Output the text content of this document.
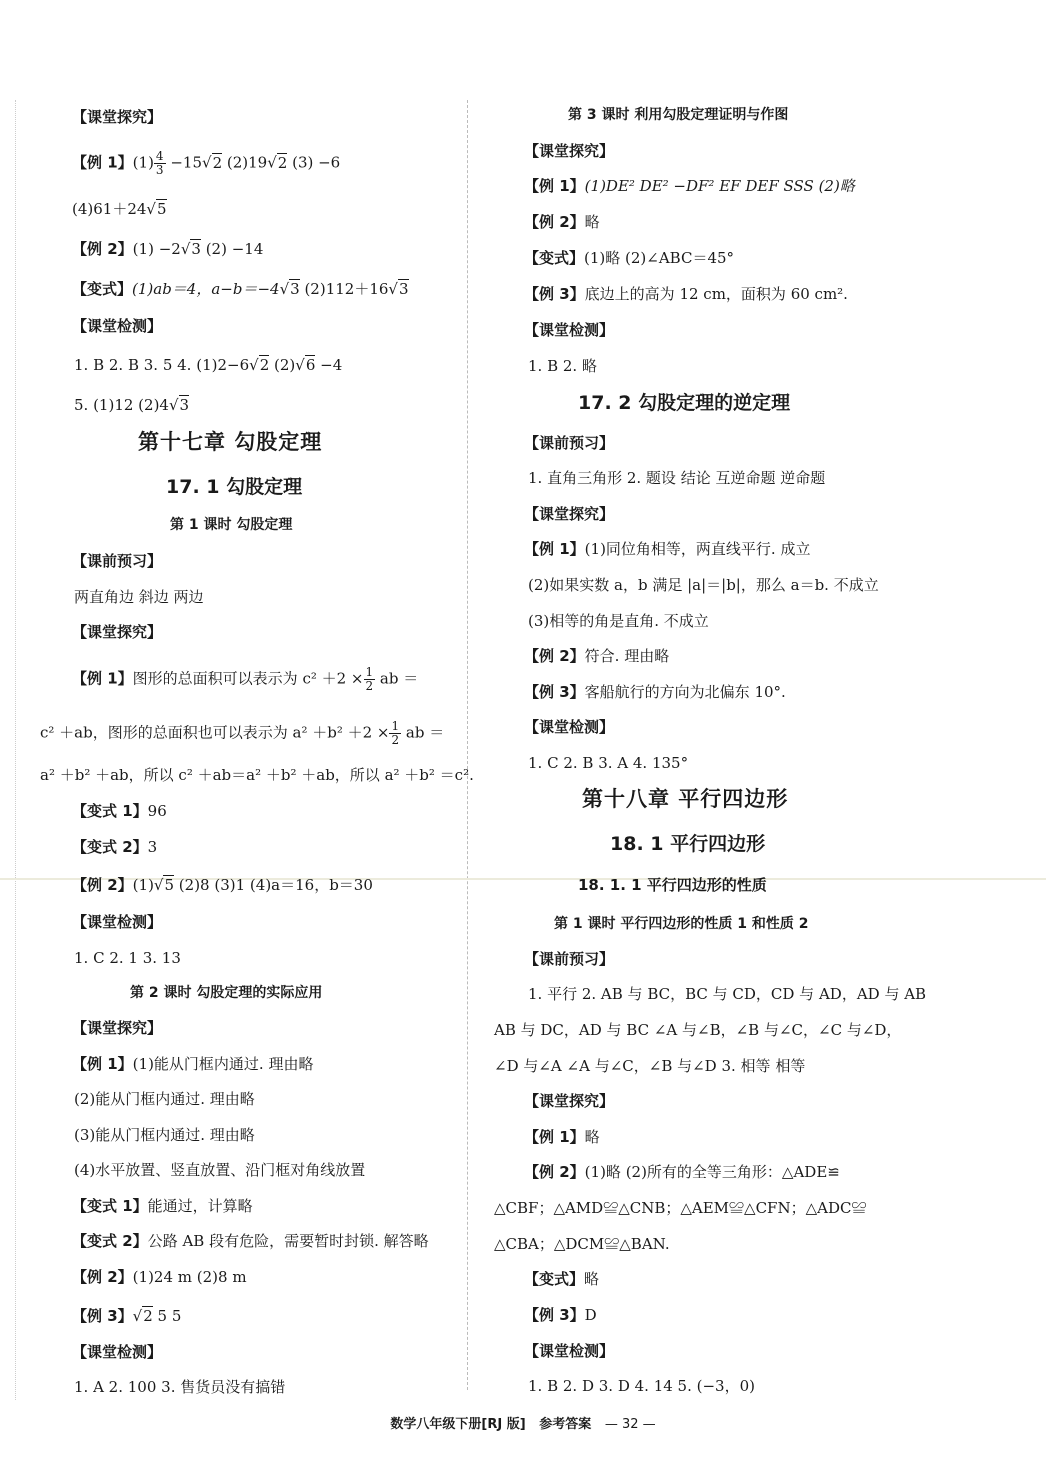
【课堂探究】
【例 1】$(1) \frac{4}{3} -15√2$ (2)19√2 (3) −6
(4)61＋24√5
【例 2】(1) −2√3 (2) −14
【变式】(1)ab＝4，a−b＝−4√3 (2)112＋16√3
【课堂检测】
1. B 2. B 3. 5 4. (1)2−6√2 (2)√6 −4
5. (1)12 (2)4√3
第十七章 勾股定理
17. 1 勾股定理
第 1 课时 勾股定理
【课前预习】
两直角边 斜边 两边
【课堂探究】
【例 1】图形的总面积可以表示为 $c^2 +2 \times \frac{1}{2}$ ab ＝
c² ＋ab，图形的总面积也可以表示为 $a^2 +b^2 +2 \times \frac{1}{2}$ ab ＝
a² ＋b² ＋ab，所以 c² ＋ab＝a² ＋b² ＋ab，所以 a² ＋b² ＝c².
【变式 1】96
【变式 2】3
【例 2】(1)√5 (2)8 (3)1 (4)a＝16，b＝30
【课堂检测】
1. C 2. 1 3. 13
第 2 课时 勾股定理的实际应用
【课堂探究】
【例 1】(1)能从门框内通过. 理由略
(2)能从门框内通过. 理由略
(3)能从门框内通过. 理由略
(4)水平放置、竖直放置、沿门框对角线放置
【变式 1】能通过，计算略
【变式 2】公路 AB 段有危险，需要暂时封锁. 解答略
【例 2】(1)24 m (2)8 m
【例 3】√2 5 5
【课堂检测】
1. A 2. 100 3. 售货员没有搞错
第 3 课时 利用勾股定理证明与作图
【课堂探究】
【例 1】(1)DE² DE² −DF² EF DEF SSS (2)略
【例 2】略
【变式】(1)略 (2)∠ABC＝45°
【例 3】底边上的高为 12 cm，面积为 60 cm².
【课堂检测】
1. B 2. 略
17. 2 勾股定理的逆定理
【课前预习】
1. 直角三角形 2. 题设 结论 互逆命题 逆命题
【课堂探究】
【例 1】(1)同位角相等，两直线平行. 成立
(2)如果实数 a，b 满足 |a|＝|b|，那么 a＝b. 不成立
(3)相等的角是直角. 不成立
【例 2】符合. 理由略
【例 3】客船航行的方向为北偏东 10°.
【课堂检测】
1. C 2. B 3. A 4. 135°
第十八章 平行四边形
18. 1 平行四边形
18. 1. 1 平行四边形的性质
第 1 课时 平行四边形的性质 1 和性质 2
【课前预习】
1. 平行 2. AB 与 BC，BC 与 CD，CD 与 AD，AD 与 AB
AB 与 DC，AD 与 BC ∠A 与∠B，∠B 与∠C，∠C 与∠D，
∠D 与∠A ∠A 与∠C，∠B 与∠D 3. 相等 相等
【课堂探究】
【例 1】略
【例 2】(1)略 (2)所有的全等三角形：△ADE≌
△CBF；△AMD≌△CNB；△AEM≌△CFN；△ADC≌
△CBA；△DCM≌△BAN.
【变式】略
【例 3】D
【课堂检测】
1. B 2. D 3. D 4. 14 5. (−3，0)
数学八年级下册[RJ 版] 参考答案 — 32 —
